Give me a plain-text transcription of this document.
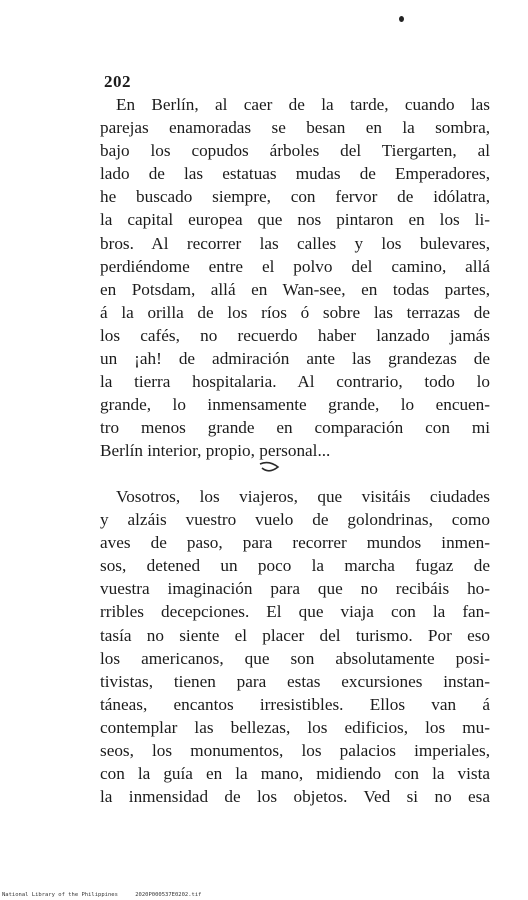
202

En Berlín, al caer de la tarde, cuando las
parejas enamoradas se besan en la sombra,
bajo los copudos árboles del Tiergarten, al
lado de las estatuas mudas de Emperadores,
he buscado siempre, con fervor de idólatra,
la capital europea que nos pintaron en los li-
bros. Al recorrer las calles y los bulevares,
perdiéndome entre el polvo del camino, allá
en Potsdam, allá en Wan-see, en todas partes,
á la orilla de los ríos ó sobre las terrazas de
los cafés, no recuerdo haber lanzado jamás
un ¡ah! de admiración ante las grandezas de
la tierra hospitalaria. Al contrario, todo lo
grande, lo inmensamente grande, lo encuen-
tro menos grande en comparación con mi
Berlín interior, propio, personal...

Vosotros, los viajeros, que visitáis ciudades
y alzáis vuestro vuelo de golondrinas, como
aves de paso, para recorrer mundos inmen-
sos, detened un poco la marcha fugaz de
vuestra imaginación para que no recibáis ho-
rribles decepciones. El que viaja con la fan-
tasía no siente el placer del turismo. Por eso
los americanos, que son absolutamente posi-
tivistas, tienen para estas excursiones instan-
táneas, encantos irresistibles. Ellos van á
contemplar las bellezas, los edificios, los mu-
seos, los monumentos, los palacios imperiales,
con la guía en la mano, midiendo con la vista
la inmensidad de los objetos. Ved si no esa

National Library of the Philippines	2020P000537E0202.tif
